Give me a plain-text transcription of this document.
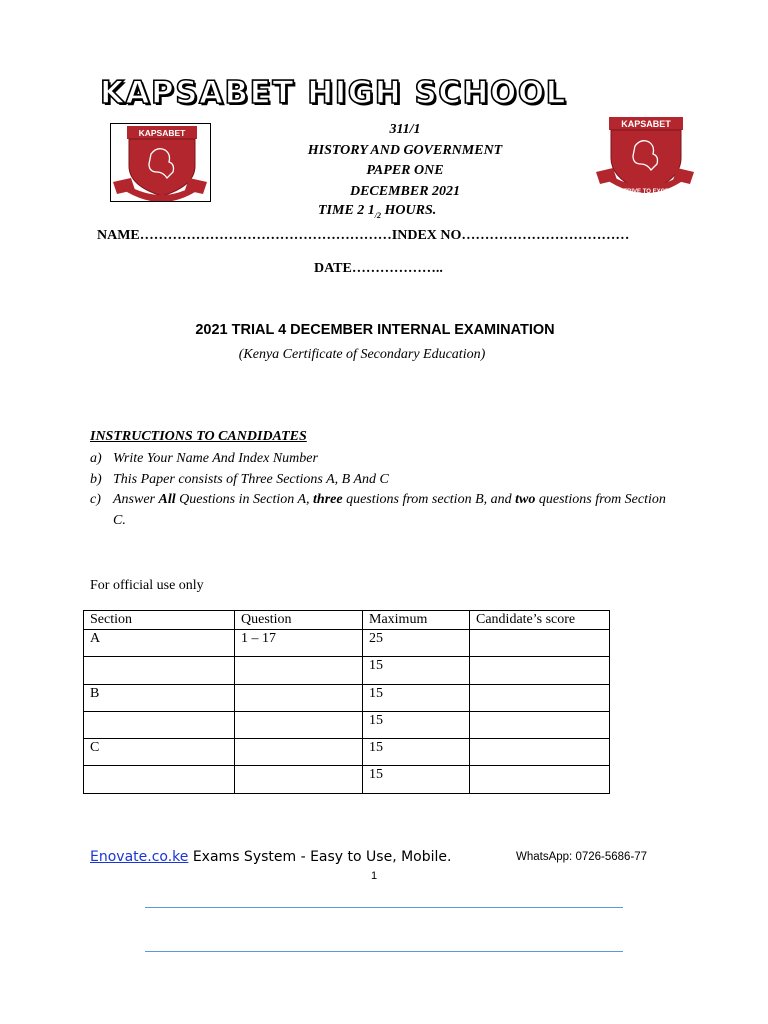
KAPSABET HIGH SCHOOL
KAPSABET
KAPSABET
STRIVE TO EXCEL
311/1
HISTORY AND GOVERNMENT
PAPER ONE
DECEMBER 2021
TIME 2 $1_{/2}$ HOURS.
NAME………………………………………………INDEX NO………………………………
DATE………………..
2021 TRIAL 4 DECEMBER INTERNAL EXAMINATION
(Kenya Certificate of Secondary Education)
INSTRUCTIONS TO CANDIDATES
a) Write Your Name And Index Number
b) This Paper consists of Three Sections A, B And C
c) Answer All Questions in Section A, three questions from section B, and two questions from Section C.
For official use only
Section	Question	Maximum	Candidate’s score
A	1 – 17	25	
		15	
B		15	
		15	
C		15	
		15	
Enovate.co.ke Exams System - Easy to Use, Mobile.	WhatsApp: 0726-5686-77
1
